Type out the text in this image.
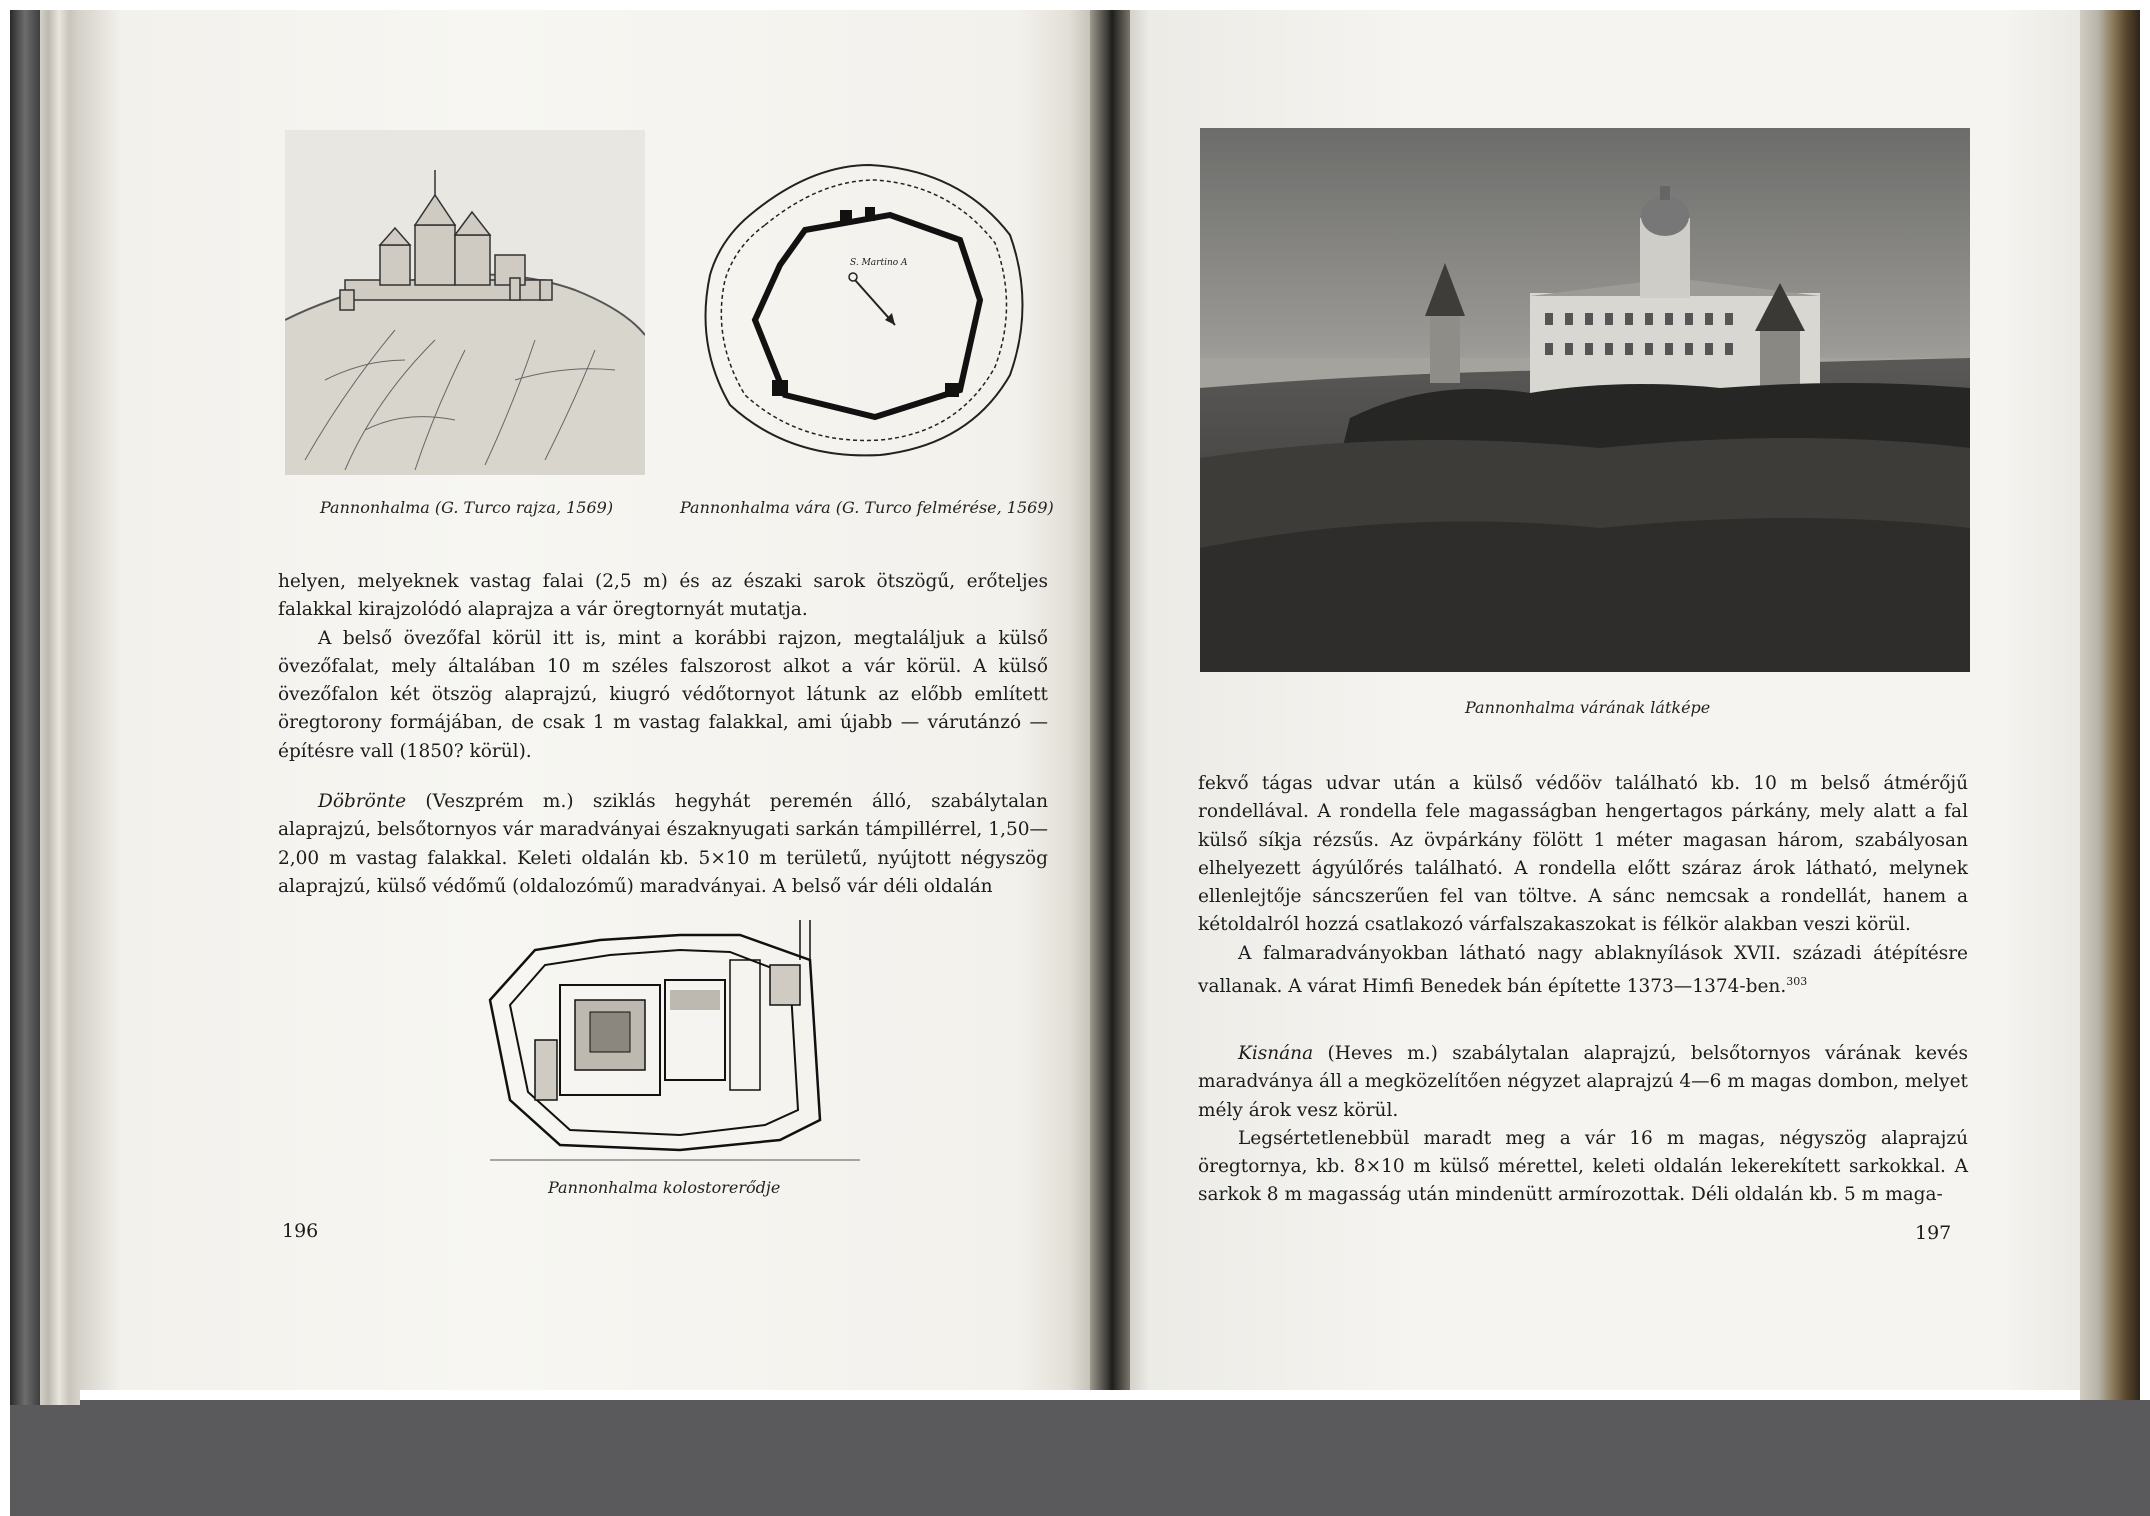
Pannonhalma (G. Turco rajza, 1569)
S. Martino A
Pannonhalma vára (G. Turco felmérése, 1569)

helyen, melyeknek vastag falai (2,5 m) és az északi sarok ötszögű, erőteljes falakkal kirajzolódó alaprajza a vár öregtornyát mutatja.

A belső övezőfal körül itt is, mint a korábbi rajzon, megtaláljuk a külső övezőfalat, mely általában 10 m széles falszorost alkot a vár körül. A külső övezőfalon két ötszög alaprajzú, kiugró védőtornyot látunk az előbb említett öregtorony formájában, de csak 1 m vastag falakkal, ami újabb — várutánzó — építésre vall (1850? körül).

Döbrönte (Veszprém m.) sziklás hegyhát peremén álló, szabálytalan alaprajzú, belsőtornyos vár maradványai északnyugati sarkán támpillérrel, 1,50—2,00 m vastag falakkal. Keleti oldalán kb. 5×10 m területű, nyújtott négyszög alaprajzú, külső védőmű (oldalozómű) maradványai. A belső vár déli oldalán

Pannonhalma kolostorerődje
196
Pannonhalma várának látképe

fekvő tágas udvar után a külső védőöv található kb. 10 m belső átmérőjű rondellával. A rondella fele magasságban hengertagos párkány, mely alatt a fal külső síkja rézsűs. Az övpárkány fölött 1 méter magasan három, szabályosan elhelyezett ágyúlőrés található. A rondella előtt száraz árok látható, melynek ellenlejtője sáncszerűen fel van töltve. A sánc nemcsak a rondellát, hanem a kétoldalról hozzá csatlakozó várfalszakaszokat is félkör alakban veszi körül.

A falmaradványokban látható nagy ablaknyílások XVII. századi átépítésre vallanak. A várat Himfi Benedek bán építette 1373—1374-ben.$^{303}$

Kisnána (Heves m.) szabálytalan alaprajzú, belsőtornyos várának kevés maradványa áll a megközelítően négyzet alaprajzú 4—6 m magas dombon, melyet mély árok vesz körül.

Legsértetlenebbül maradt meg a vár 16 m magas, négyszög alaprajzú öregtornya, kb. 8×10 m külső mérettel, keleti oldalán lekerekített sarkokkal. A sarkok 8 m magasság után mindenütt armírozottak. Déli oldalán kb. 5 m maga-

197
